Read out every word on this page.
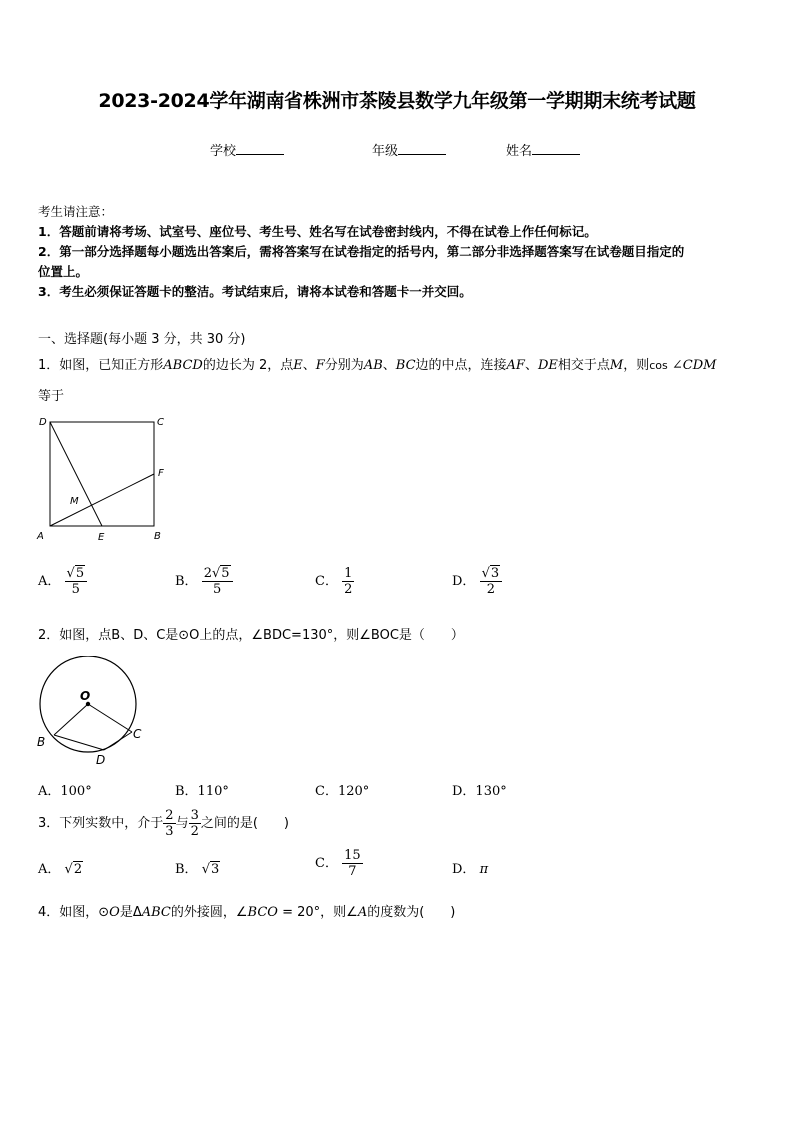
2023-2024学年湖南省株洲市茶陵县数学九年级第一学期期末统考试题
学校	年级	姓名
考生请注意：
1．答题前请将考场、试室号、座位号、考生号、姓名写在试卷密封线内，不得在试卷上作任何标记。
2．第一部分选择题每小题选出答案后，需将答案写在试卷指定的括号内，第二部分非选择题答案写在试卷题目指定的
位置上。
3．考生必须保证答题卡的整洁。考试结束后，请将本试卷和答题卡一并交回。
一、选择题(每小题 3 分，共 30 分)
1．如图，已知正方形ABCD的边长为 2，点E、F分别为AB、BC边的中点，连接AF、DE相交于点M，则cos ∠CDM
等于
D	C
F
M
A	E	B
A． $\frac{√5}{5}$	B． $\frac{2√5}{5}$	C． $\frac{1}{2}$	D． $\frac{√3}{2}$
2．如图，点B、D、C是⊙O上的点，∠BDC=130°，则∠BOC是（　　）
O
B
D
C
A．100°	B．110°	C．120°	D．130°
3．下列实数中，介于 $\frac{2}{3}$ 与 $\frac{3}{2}$ 之间的是(　　)
A． √2	B． √3	C． $\frac{15}{7}$	D． π
4．如图，⊙O是ΔABC的外接圆，∠BCO = 20°，则∠A的度数为(　　)
